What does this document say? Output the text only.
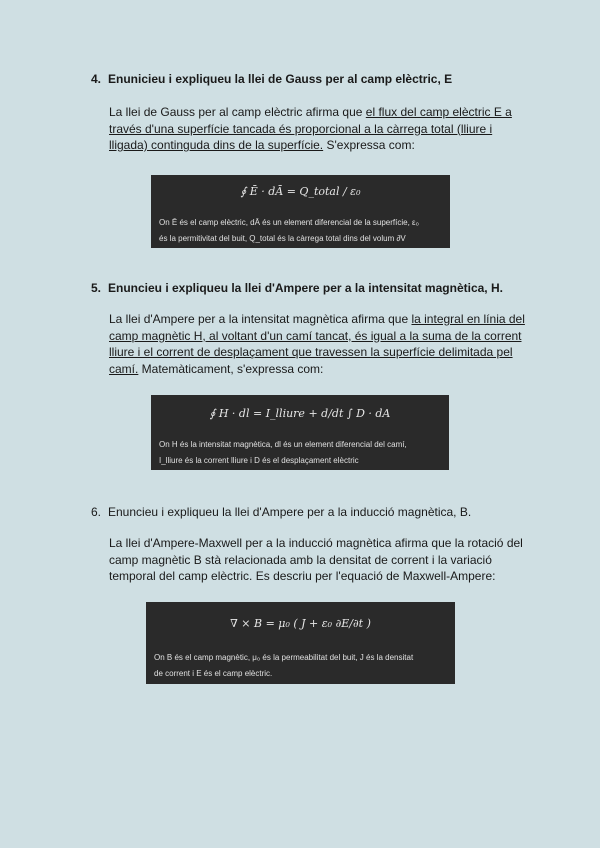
4. Enunicieu i expliqueu la llei de Gauss per al camp elèctric, E
La llei de Gauss per al camp elèctric afirma que el flux del camp elèctric E a través d'una superfície tancada és proporcional a la càrrega total (lliure i lligada) continguda dins de la superfície. S'expressa com:
∮ Ē · dĀ = Q_total / ε₀
On Ē és el camp elèctric, dĀ és un element diferencial de la superfície, ε₀
és la permitivitat del buit, Q_total és la càrrega total dins del volum ∂V
5. Enuncieu i expliqueu la llei d'Ampere per a la intensitat magnètica, H.
La llei d'Ampere per a la intensitat magnètica afirma que la integral en línia del camp magnètic H, al voltant d'un camí tancat, és igual a la suma de la corrent lliure i el corrent de desplaçament que travessen la superfície delimitada pel camí. Matemàticament, s'expressa com:
∮ H · dl = I_lliure + d/dt ∫ D · dA
On H és la intensitat magnètica, dl és un element diferencial del camí,
I_lliure és la corrent lliure i D és el desplaçament elèctric
6. Enuncieu i expliqueu la llei d'Ampere per a la inducció magnètica, B.
La llei d'Ampere-Maxwell per a la inducció magnètica afirma que la rotació del camp magnètic B stà relacionada amb la densitat de corrent i la variació temporal del camp elèctric. Es descriu per l'equació de Maxwell-Ampere:
∇ × B = μ₀ ( J + ε₀ ∂E/∂t )
On B és el camp magnètic, μ₀ és la permeabilitat del buit, J és la densitat
de corrent i E és el camp elèctric.
